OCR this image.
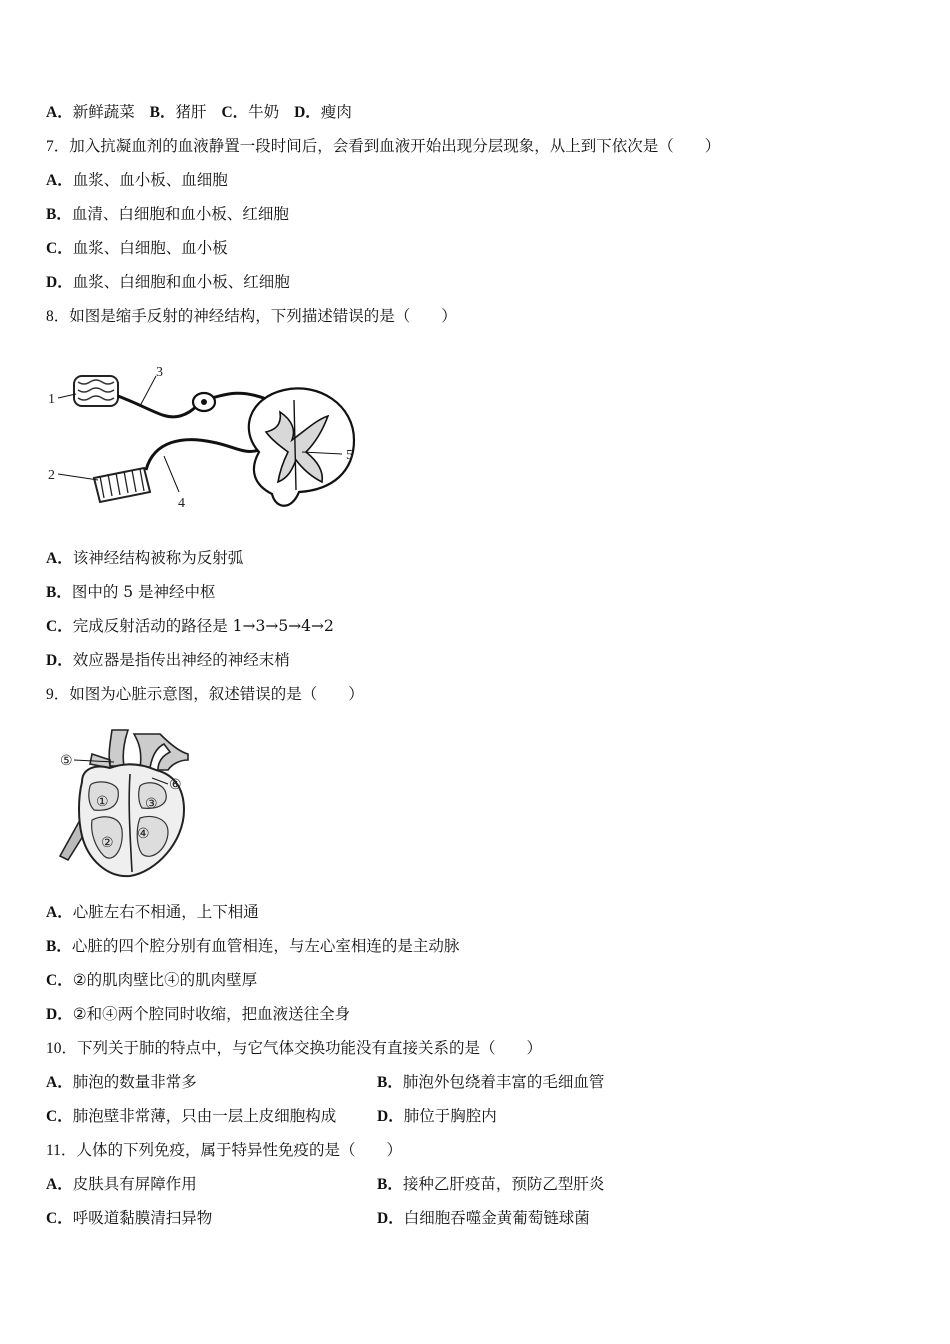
A．新鲜蔬菜 B．猪肝 C．牛奶 D．瘦肉
7．加入抗凝血剂的血液静置一段时间后，会看到血液开始出现分层现象，从上到下依次是（　　）
A．血浆、血小板、血细胞
B．血清、白细胞和血小板、红细胞
C．血浆、白细胞、血小板
D．血浆、白细胞和血小板、红细胞
8．如图是缩手反射的神经结构，下列描述错误的是（　　）
1
2
3
4
5
A．该神经结构被称为反射弧
B．图中的 5 是神经中枢
C．完成反射活动的路径是 1→3→5→4→2
D．效应器是指传出神经的神经末梢
9．如图为心脏示意图，叙述错误的是（　　）
①
②
③
④
⑤
⑥
A．心脏左右不相通，上下相通
B．心脏的四个腔分别有血管相连，与左心室相连的是主动脉
C．②的肌肉壁比④的肌肉壁厚
D．②和④两个腔同时收缩，把血液送往全身
10．下列关于肺的特点中，与它气体交换功能没有直接关系的是（　　）
A．肺泡的数量非常多	B．肺泡外包绕着丰富的毛细血管
C．肺泡壁非常薄，只由一层上皮细胞构成	D．肺位于胸腔内
11．人体的下列免疫，属于特异性免疫的是（　　）
A．皮肤具有屏障作用	B．接种乙肝疫苗，预防乙型肝炎
C．呼吸道黏膜清扫异物	D．白细胞吞噬金黄葡萄链球菌
